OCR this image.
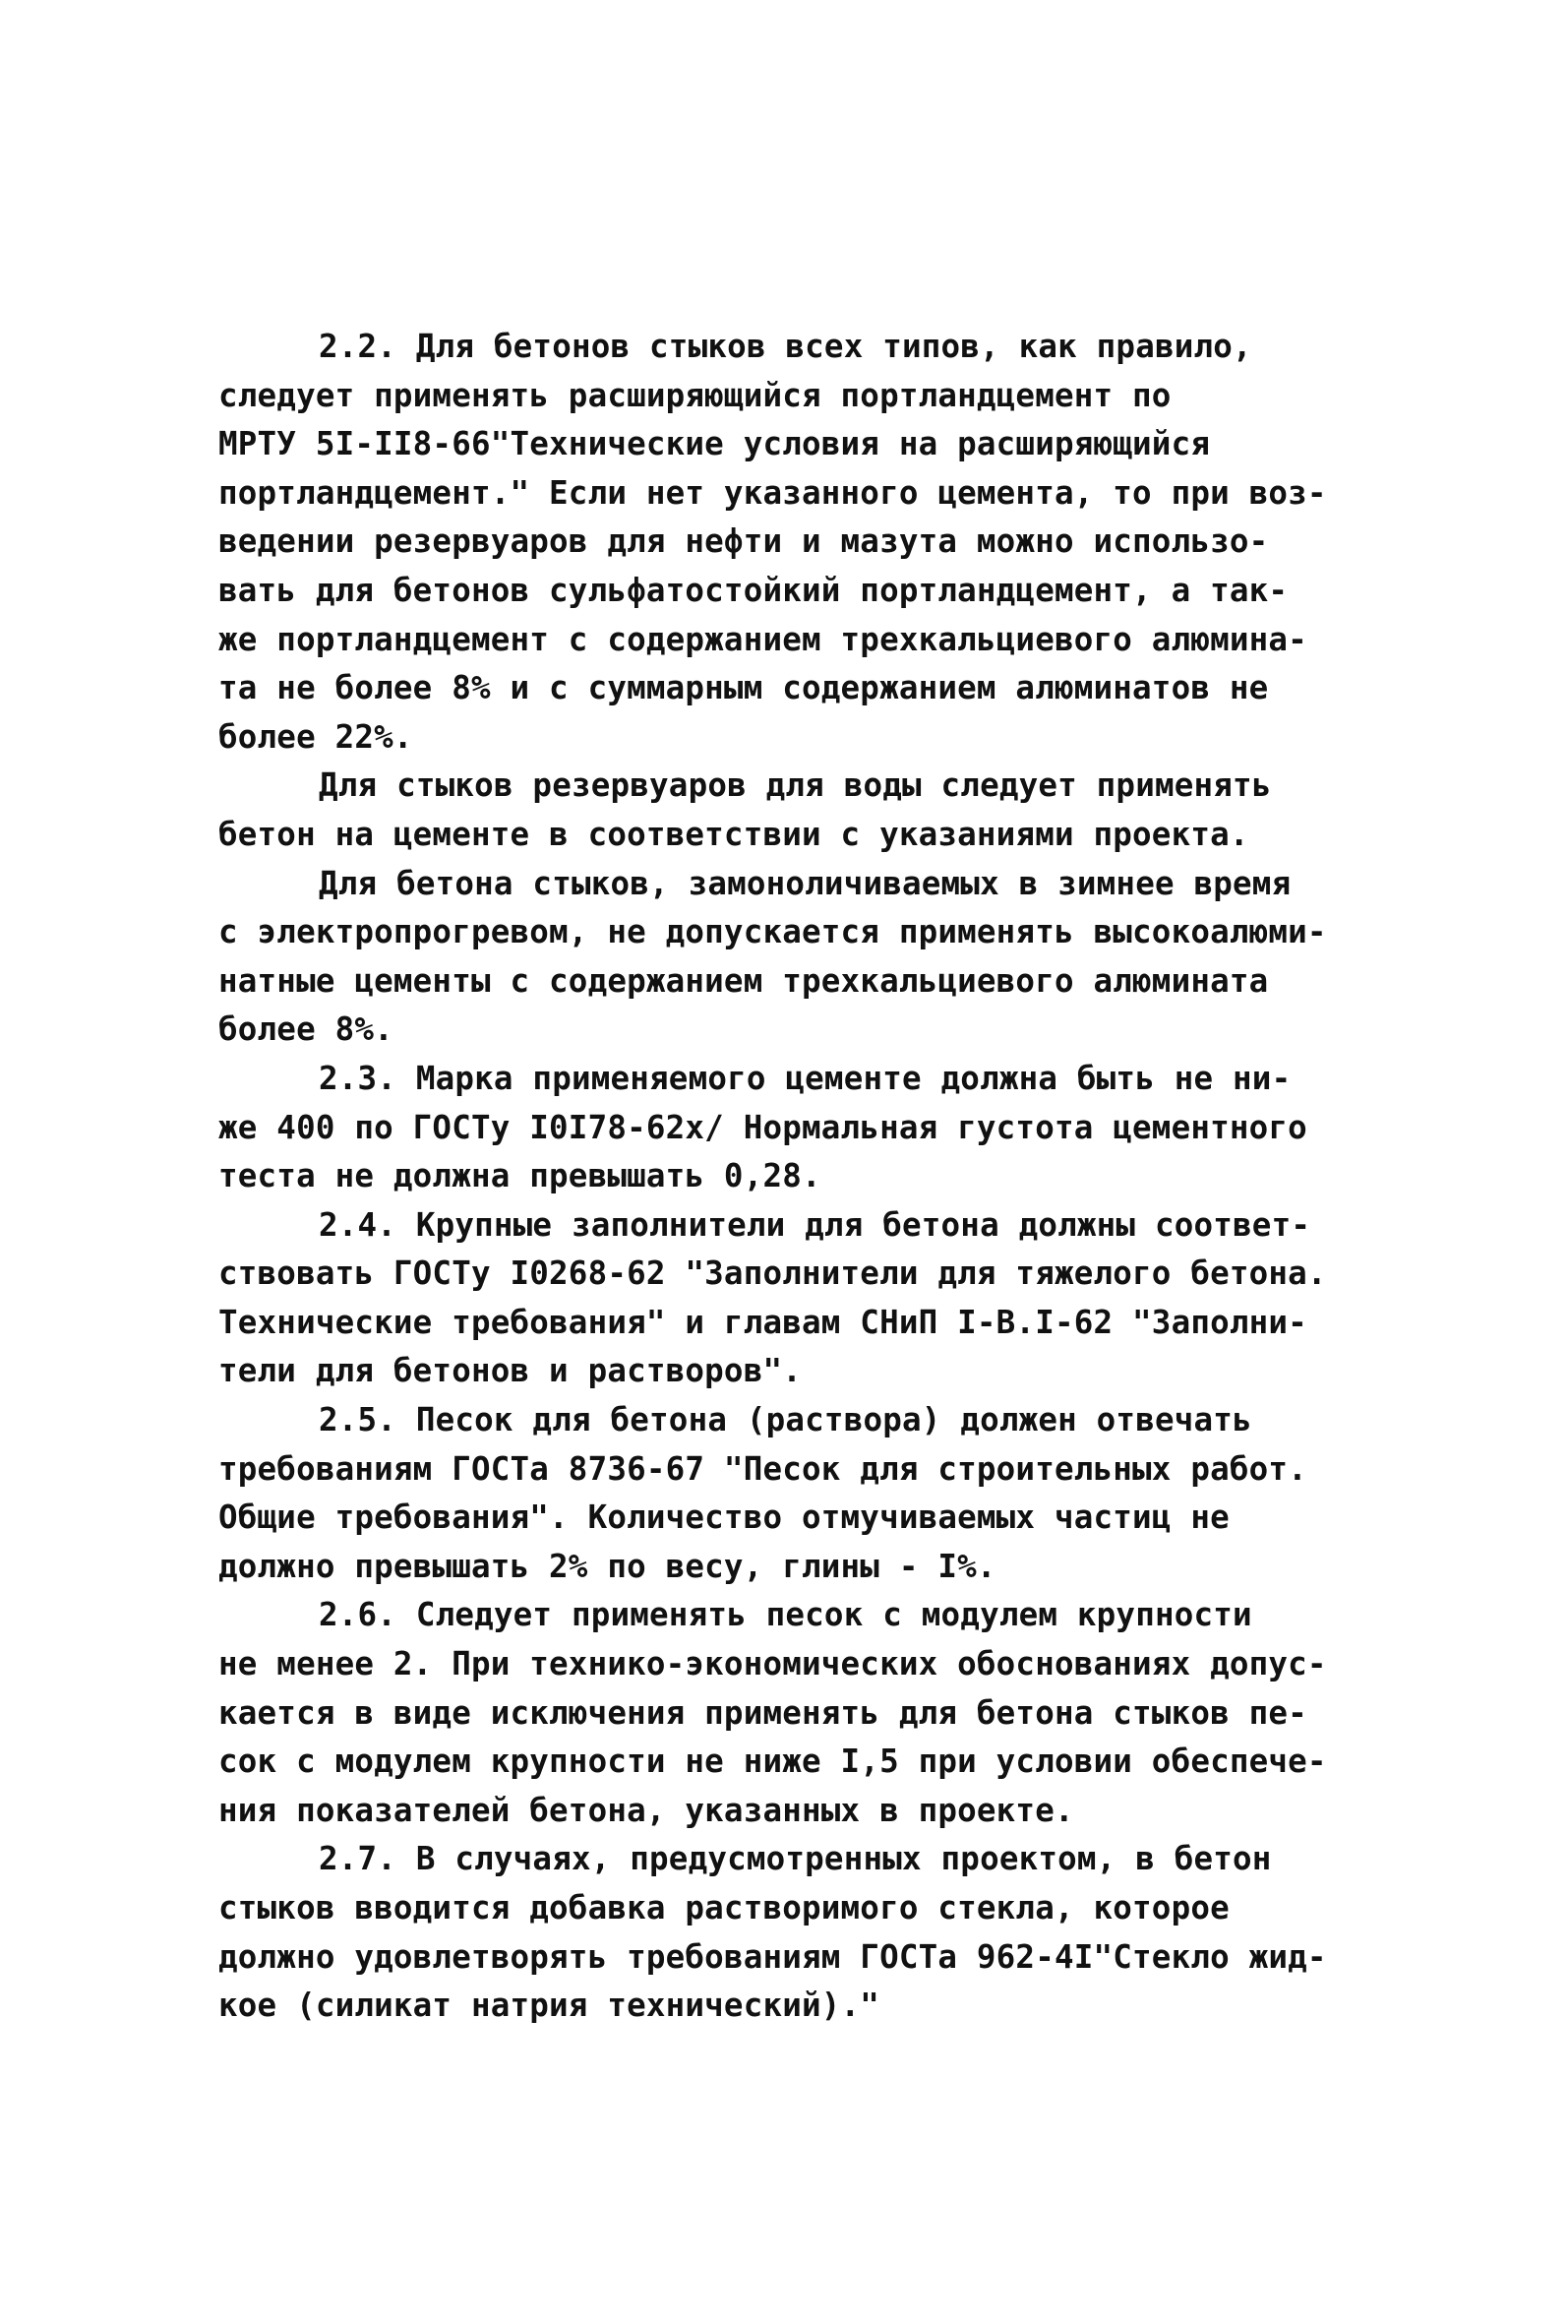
2.2. Для бетонов стыков всех типов, как правило,
следует применять расширяющийся портландцемент по
МРТУ 5I-II8-66"Технические условия на расширяющийся
портландцемент." Если нет указанного цемента, то при воз-
ведении резервуаров для нефти и мазута можно использо-
вать для бетонов сульфатостойкий портландцемент, а так-
же портландцемент с содержанием трехкальциевого алюмина-
та не более 8% и с суммарным содержанием алюминатов не
более 22%.
Для стыков резервуаров для воды следует применять
бетон на цементе в соответствии с указаниями проекта.
Для бетона стыков, замоноличиваемых в зимнее время
с электропрогревом, не допускается применять высокоалюми-
натные цементы с содержанием трехкальциевого алюмината
более 8%.
2.3. Марка применяемого цементе должна быть не ни-
же 400 по ГОСТу I0I78-62x/ Нормальная густота цементного
теста не должна превышать 0,28.
2.4. Крупные заполнители для бетона должны соответ-
ствовать ГОСТу I0268-62 "Заполнители для тяжелого бетона.
Технические требования" и главам СНиП I-В.I-62 "Заполни-
тели для бетонов и растворов".
2.5. Песок для бетона (раствора) должен отвечать
требованиям ГОСТа 8736-67 "Песок для строительных работ.
Общие требования". Количество отмучиваемых частиц не
должно превышать 2% по весу, глины - I%.
2.6. Следует применять песок с модулем крупности
не менее 2. При технико-экономических обоснованиях допус-
кается в виде исключения применять для бетона стыков пе-
сок с модулем крупности не ниже I,5 при условии обеспече-
ния показателей бетона, указанных в проекте.
2.7. В случаях, предусмотренных проектом, в бетон
стыков вводится добавка растворимого стекла, которое
должно удовлетворять требованиям ГОСТа 962-4I"Стекло жид-
кое (силикат натрия технический)."
